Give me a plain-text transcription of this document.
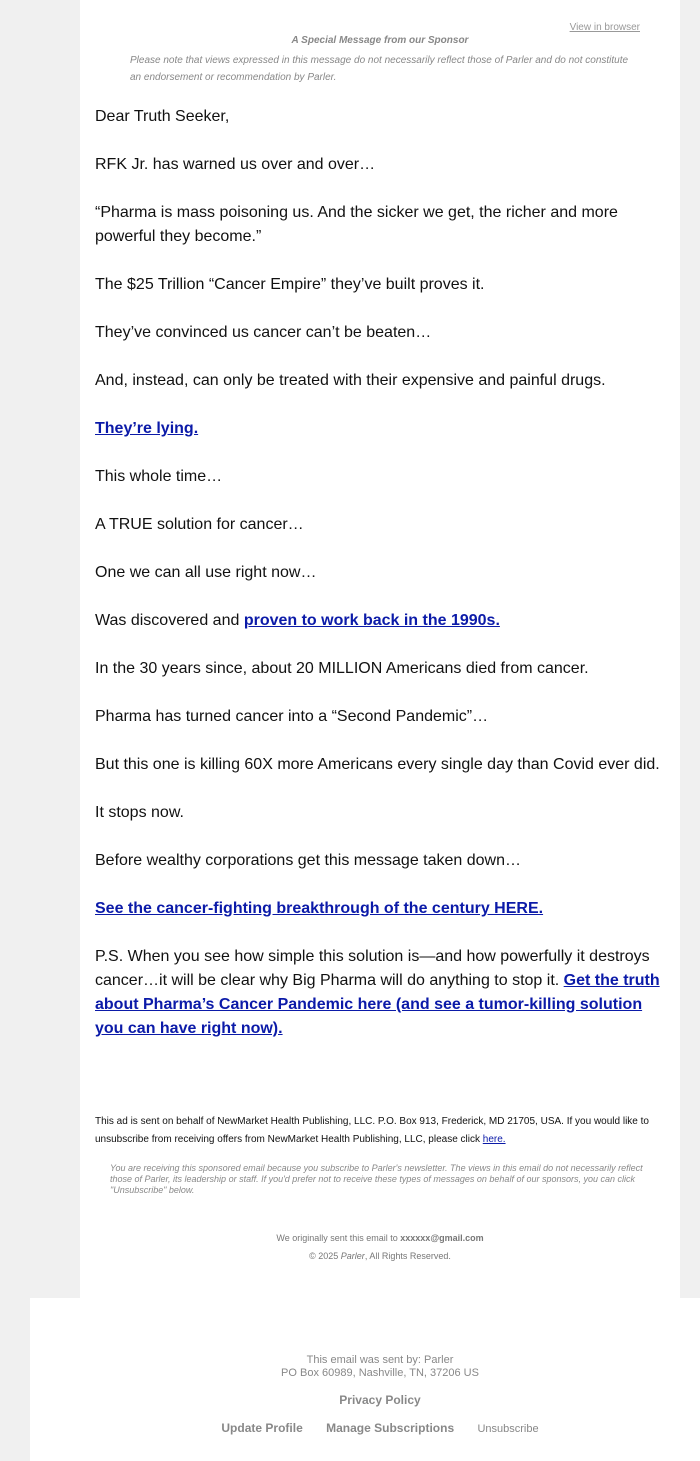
View in browser
A Special Message from our Sponsor
Please note that views expressed in this message do not necessarily reflect those of Parler and do not constitute an endorsement or recommendation by Parler.

Dear Truth Seeker,

RFK Jr. has warned us over and over…

“Pharma is mass poisoning us. And the sicker we get, the richer and more powerful they become.”

The $25 Trillion “Cancer Empire” they’ve built proves it.

They’ve convinced us cancer can’t be beaten…

And, instead, can only be treated with their expensive and painful drugs.

They’re lying.

This whole time…

A TRUE solution for cancer…

One we can all use right now…

Was discovered and proven to work back in the 1990s.

In the 30 years since, about 20 MILLION Americans died from cancer.

Pharma has turned cancer into a “Second Pandemic”…

But this one is killing 60X more Americans every single day than Covid ever did.

It stops now.

Before wealthy corporations get this message taken down…

See the cancer-fighting breakthrough of the century HERE.

P.S. When you see how simple this solution is—and how powerfully it destroys cancer…it will be clear why Big Pharma will do anything to stop it. Get the truth about Pharma’s Cancer Pandemic here (and see a tumor-killing solution you can have right now).

This ad is sent on behalf of NewMarket Health Publishing, LLC. P.O. Box 913, Frederick, MD 21705, USA. If you would like to unsubscribe from receiving offers from NewMarket Health Publishing, LLC, please click here.
You are receiving this sponsored email because you subscribe to Parler's newsletter. The views in this email do not necessarily reflect those of Parler, its leadership or staff. If you'd prefer not to receive these types of messages on behalf of our sponsors, you can click "Unsubscribe" below.
We originally sent this email to xxxxxx@gmail.com
© 2025 Parler, All Rights Reserved.
This email was sent by: Parler
PO Box 60989, Nashville, TN, 37206 US
Privacy Policy
Update Profile Manage Subscriptions Unsubscribe
